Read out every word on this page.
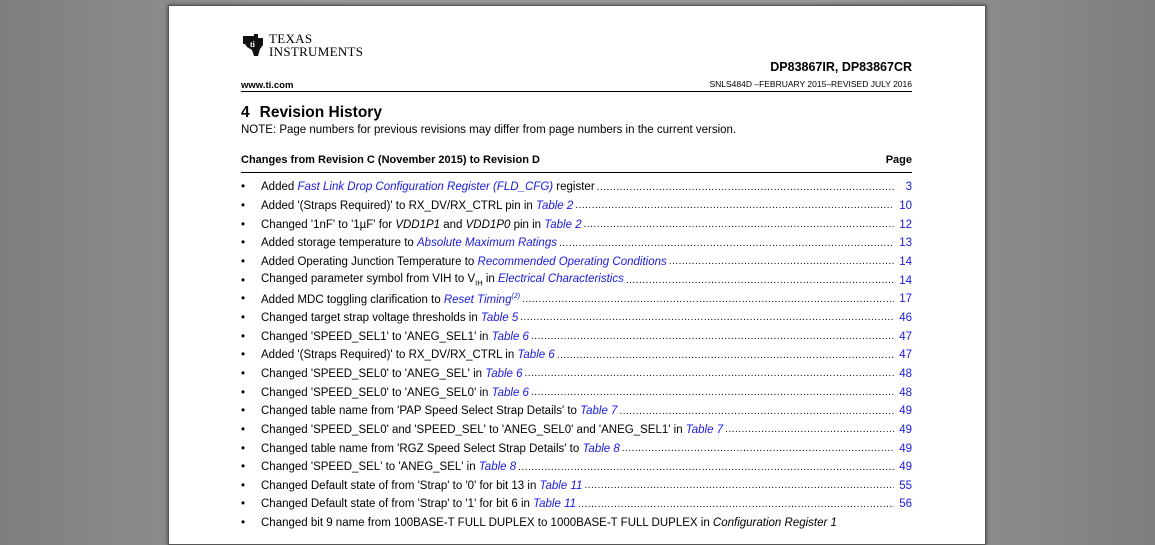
ti TEXAS
INSTRUMENTS
DP83867IR, DP83867CR
www.ti.com	SNLS484D –FEBRUARY 2015–REVISED JULY 2016
4 Revision History
NOTE: Page numbers for previous revisions may differ from page numbers in the current version.
Changes from Revision C (November 2015) to Revision D	Page
•	Added Fast Link Drop Configuration Register (FLD_CFG) register .....	3
•	Added '(Straps Required)' to RX_DV/RX_CTRL pin in Table 2 .....	10
•	Changed '1nF' to '1µF' for VDD1P1 and VDD1P0 pin in Table 2 .....	12
•	Added storage temperature to Absolute Maximum Ratings .....	13
•	Added Operating Junction Temperature to Recommended Operating Conditions .....	14
•	Changed parameter symbol from VIH to $V_{IH}$ in Electrical Characteristics .....	14
•	Added MDC toggling clarification to Reset Timing$^{(2)}$ .....	17
•	Changed target strap voltage thresholds in Table 5 .....	46
•	Changed 'SPEED_SEL1' to 'ANEG_SEL1' in Table 6 .....	47
•	Added '(Straps Required)' to RX_DV/RX_CTRL in Table 6 .....	47
•	Changed 'SPEED_SEL0' to 'ANEG_SEL' in Table 6 .....	48
•	Changed 'SPEED_SEL0' to 'ANEG_SEL0' in Table 6 .....	48
•	Changed table name from 'PAP Speed Select Strap Details' to Table 7 .....	49
•	Changed 'SPEED_SEL0' and 'SPEED_SEL' to 'ANEG_SEL0' and 'ANEG_SEL1' in Table 7 .....	49
•	Changed table name from 'RGZ Speed Select Strap Details' to Table 8 .....	49
•	Changed 'SPEED_SEL' to 'ANEG_SEL' in Table 8 .....	49
•	Changed Default state of from 'Strap' to '0' for bit 13 in Table 11 .....	55
•	Changed Default state of from 'Strap' to '1' for bit 6 in Table 11 .....	56
•	Changed bit 9 name from 100BASE-T FULL DUPLEX to 1000BASE-T FULL DUPLEX in Configuration Register 1
